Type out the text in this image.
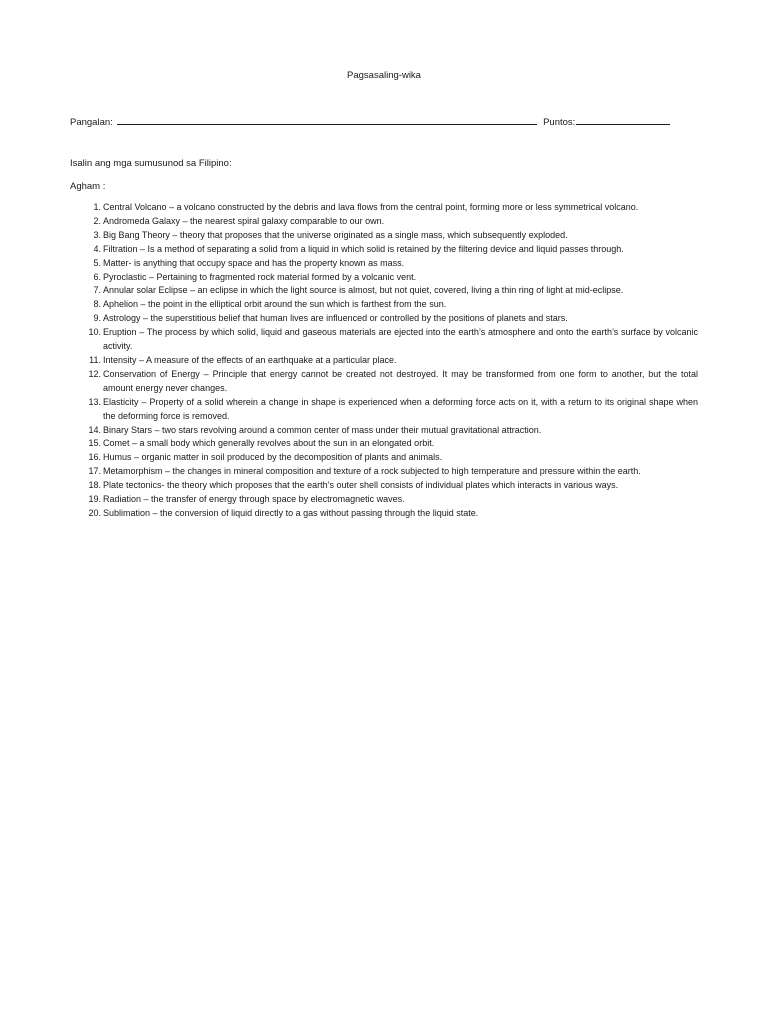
Pagsasaling-wika
Pangalan:	Puntos:
Isalin ang mga sumusunod sa Filipino:
Agham :
1. Central Volcano – a volcano constructed by the debris and lava flows from the central point, forming more or less symmetrical volcano.
2. Andromeda Galaxy – the nearest spiral galaxy comparable to our own.
3. Big Bang Theory – theory that proposes that the universe originated as a single mass, which subsequently exploded.
4. Filtration – Is a method of separating a solid from a liquid in which solid is retained by the filtering device and liquid passes through.
5. Matter- is anything that occupy space and has the property known as mass.
6. Pyroclastic – Pertaining to fragmented rock material formed by a volcanic vent.
7. Annular solar Eclipse – an eclipse in which the light source is almost, but not quiet, covered, living a thin ring of light at mid-eclipse.
8. Aphelion – the point in the elliptical orbit around the sun which is farthest from the sun.
9. Astrology – the superstitious belief that human lives are influenced or controlled by the positions of planets and stars.
10. Eruption – The process by which solid, liquid and gaseous materials are ejected into the earth’s atmosphere and onto the earth’s surface by volcanic activity.
11. Intensity – A measure of the effects of an earthquake at a particular place.
12. Conservation of Energy – Principle that energy cannot be created not destroyed. It may be transformed from one form to another, but the total amount energy never changes.
13. Elasticity – Property of a solid wherein a change in shape is experienced when a deforming force acts on it, with a return to its original shape when the deforming force is removed.
14. Binary Stars – two stars revolving around a common center of mass under their mutual gravitational attraction.
15. Comet – a small body which generally revolves about the sun in an elongated orbit.
16. Humus – organic matter in soil produced by the decomposition of plants and animals.
17. Metamorphism – the changes in mineral composition and texture of a rock subjected to high temperature and pressure within the earth.
18. Plate tectonics- the theory which proposes that the earth’s outer shell consists of individual plates which interacts in various ways.
19. Radiation – the transfer of energy through space by electromagnetic waves.
20. Sublimation – the conversion of liquid directly to a gas without passing through the liquid state.
